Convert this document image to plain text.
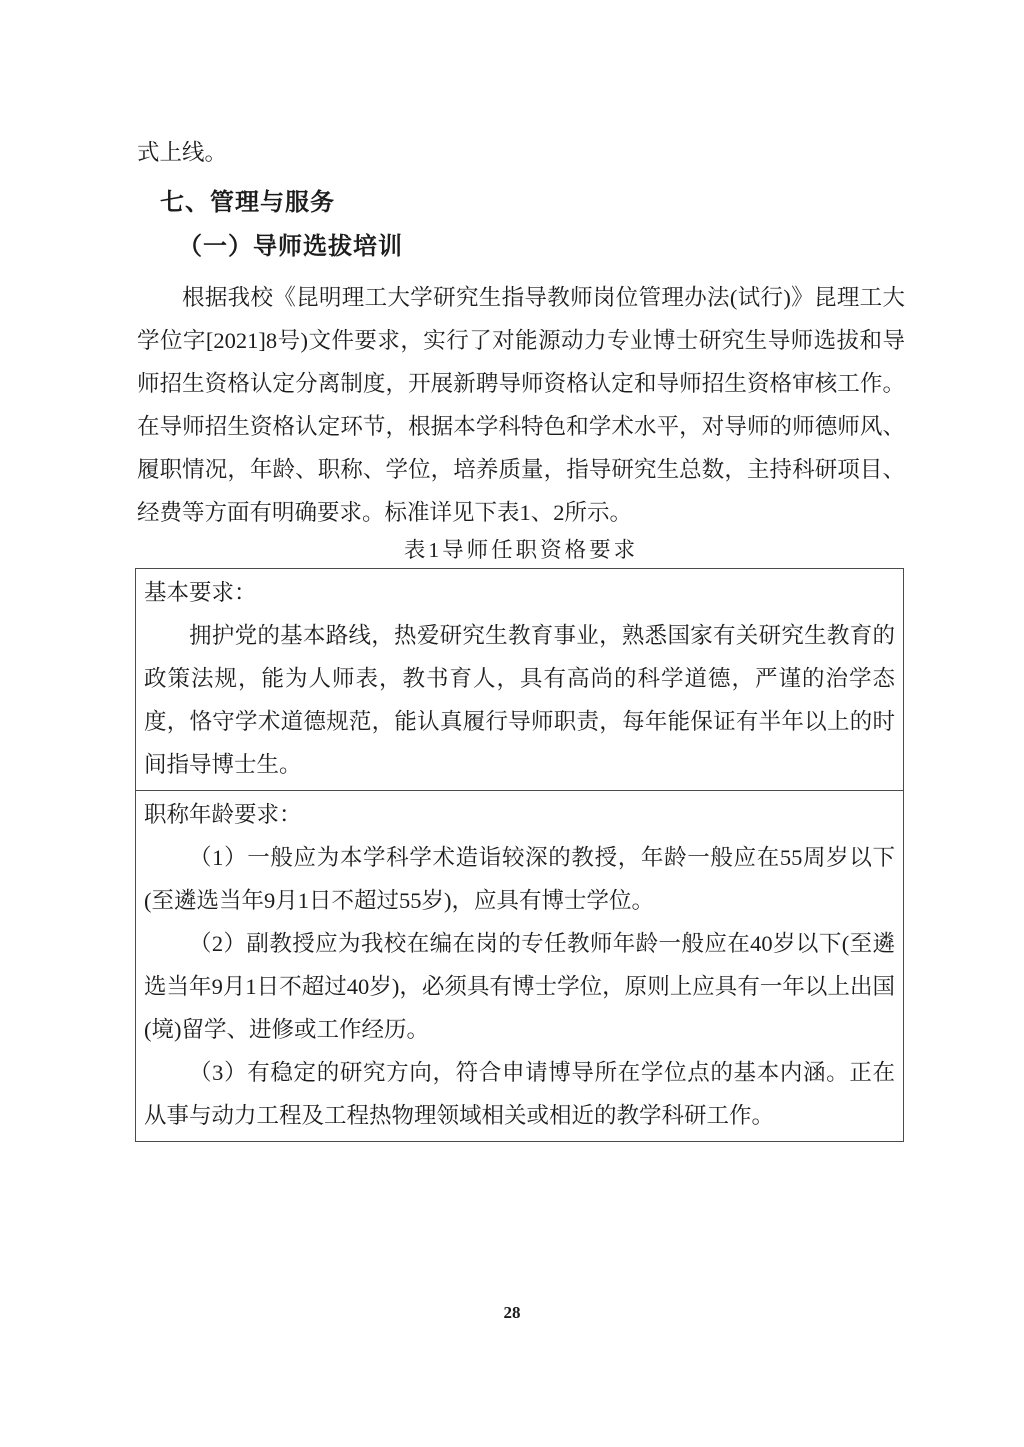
式上线。

七、管理与服务
（一）导师选拔培训

根据我校《昆明理工大学研究生指导教师岗位管理办法(试行)》昆理工大学位字[2021]8号)文件要求，实行了对能源动力专业博士研究生导师选拔和导师招生资格认定分离制度，开展新聘导师资格认定和导师招生资格审核工作。在导师招生资格认定环节，根据本学科特色和学术水平，对导师的师德师风、履职情况，年龄、职称、学位，培养质量，指导研究生总数，主持科研项目、经费等方面有明确要求。标准详见下表1、2所示。

表1导师任职资格要求

基本要求：

拥护党的基本路线，热爱研究生教育事业，熟悉国家有关研究生教育的政策法规，能为人师表，教书育人，具有高尚的科学道德，严谨的治学态度，恪守学术道德规范，能认真履行导师职责，每年能保证有半年以上的时间指导博士生。

职称年龄要求：

（1）一般应为本学科学术造诣较深的教授，年龄一般应在55周岁以下(至遴选当年9月1日不超过55岁)，应具有博士学位。

（2）副教授应为我校在编在岗的专任教师年龄一般应在40岁以下(至遴选当年9月1日不超过40岁)，必须具有博士学位，原则上应具有一年以上出国(境)留学、进修或工作经历。

（3）有稳定的研究方向，符合申请博导所在学位点的基本内涵。正在从事与动力工程及工程热物理领域相关或相近的教学科研工作。

28
